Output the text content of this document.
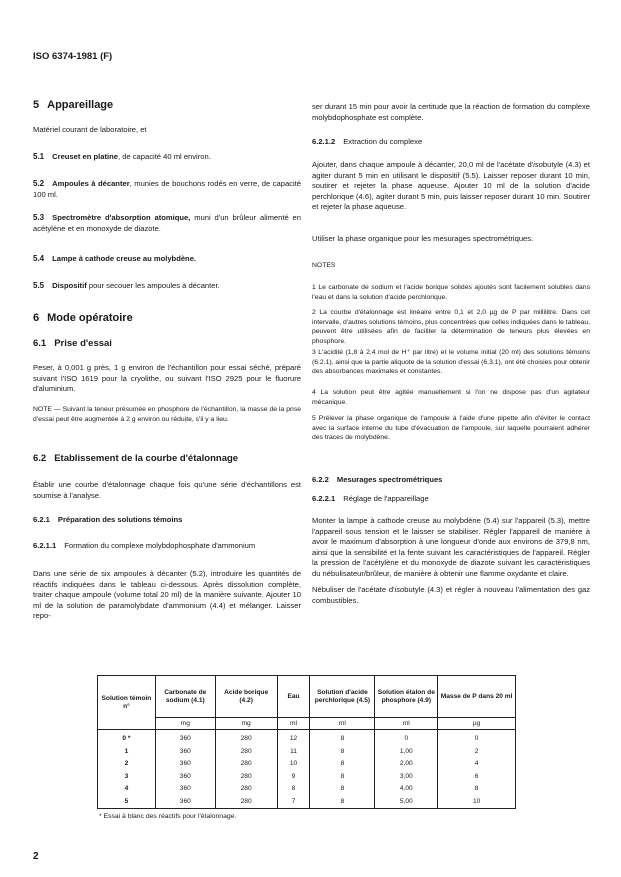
ISO 6374-1981 (F)
5 Appareillage
Matériel courant de laboratoire, et
5.1 Creuset en platine, de capacité 40 ml environ.
5.2 Ampoules à décanter, munies de bouchons rodés en verre, de capacité 100 ml.
5.3 Spectromètre d'absorption atomique, muni d'un brûleur alimenté en acétylène et en monoxyde de diazote.
5.4 Lampe à cathode creuse au molybdène.
5.5 Dispositif pour secouer les ampoules à décanter.
6 Mode opératoire
6.1 Prise d'essai
Peser, à 0,001 g près, 1 g environ de l'échantillon pour essai séché, préparé suivant l'ISO 1619 pour la cryolithe, ou suivant l'ISO 2925 pour le fluorure d'aluminium.
NOTE — Suivant la teneur présumée en phosphore de l'échantillon, la masse de la prise d'essai peut être augmentée à 2 g environ ou réduite, s'il y a lieu.
6.2 Etablissement de la courbe d'étalonnage
Établir une courbe d'étalonnage chaque fois qu'une série d'échantillons est soumise à l'analyse.
6.2.1 Préparation des solutions témoins
6.2.1.1 Formation du complexe molybdophosphate d'ammonium
Dans une série de six ampoules à décanter (5.2), introduire les quantités de réactifs indiquées dans le tableau ci-dessous. Après dissolution complète, traiter chaque ampoule (volume total 20 ml) de la manière suivante. Ajouter 10 ml de la solution de paramolybdate d'ammonium (4.4) et mélanger. Laisser repo-
ser durant 15 min pour avoir la certitude que la réaction de formation du complexe molybdophosphate est complète.
6.2.1.2 Extraction du complexe
Ajouter, dans chaque ampoule à décanter, 20,0 ml de l'acétate d'isobutyle (4.3) et agiter durant 5 min en utilisant le dispositif (5.5). Laisser reposer durant 10 min, soutirer et rejeter la phase aqueuse. Ajouter 10 ml de la solution d'acide perchlorique (4.6), agiter durant 5 min, puis laisser reposer durant 10 min. Soutirer et rejeter la phase aqueuse.
Utiliser la phase organique pour les mesurages spectrométriques.
NOTES
1 Le carbonate de sodium et l'acide borique solides ajoutés sont facilement solubles dans l'eau et dans la solution d'acide perchlorique.
2 La courbe d'étalonnage est linéaire entre 0,1 et 2,0 µg de P par millilitre. Dans cet intervalle, d'autres solutions témoins, plus concentrées que celles indiquées dans le tableau, peuvent être utilisées afin de faciliter la détermination de teneurs plus élevées en phosphore.
3 L'acidité (1,8 à 2,4 mol de H⁺ par litre) et le volume initial (20 ml) des solutions témoins (6.2.1), ainsi que la partie aliquote de la solution d'essai (6.3.1), ont été choisies pour obtenir des absorbances maximales et constantes.
4 La solution peut être agitée manuellement si l'on ne dispose pas d'un agitateur mécanique.
5 Prélever la phase organique de l'ampoule à l'aide d'une pipette afin d'éviter le contact avec la surface interne du tube d'évacuation de l'ampoule, sur laquelle pourraient adhérer des traces de molybdène.
6.2.2 Mesurages spectrométriques
6.2.2.1 Réglage de l'appareillage
Monter la lampe à cathode creuse au molybdène (5.4) sur l'appareil (5.3), mettre l'appareil sous tension et le laisser se stabiliser. Régler l'appareil de manière à avoir le maximum d'absorption à une longueur d'onde aux environs de 379,8 nm, ainsi que la sensibilité et la fente suivant les caractéristiques de l'appareil. Régler la pression de l'acétylène et du monoxyde de diazote suivant les caractéristiques du nébulisateur/brûleur, de manière à obtenir une flamme oxydante et claire.
Nébuliser de l'acétate d'isobutyle (4.3) et régler à nouveau l'alimentation des gaz combustibles.
Solution témoin n°	Carbonate de sodium (4.1)	Acide borique (4.2)	Eau	Solution d'acide perchlorique (4.5)	Solution étalon de phosphore (4.9)	Masse de P dans 20 ml
	mg	mg	ml	ml	ml	µg
0 *	360	280	12	8	0	0
1	360	280	11	8	1,00	2
2	360	280	10	8	2,00	4
3	360	280	9	8	3,00	6
4	360	280	8	8	4,00	8
5	360	280	7	8	5,00	10
* Essai à blanc des réactifs pour l'étalonnage.
2
